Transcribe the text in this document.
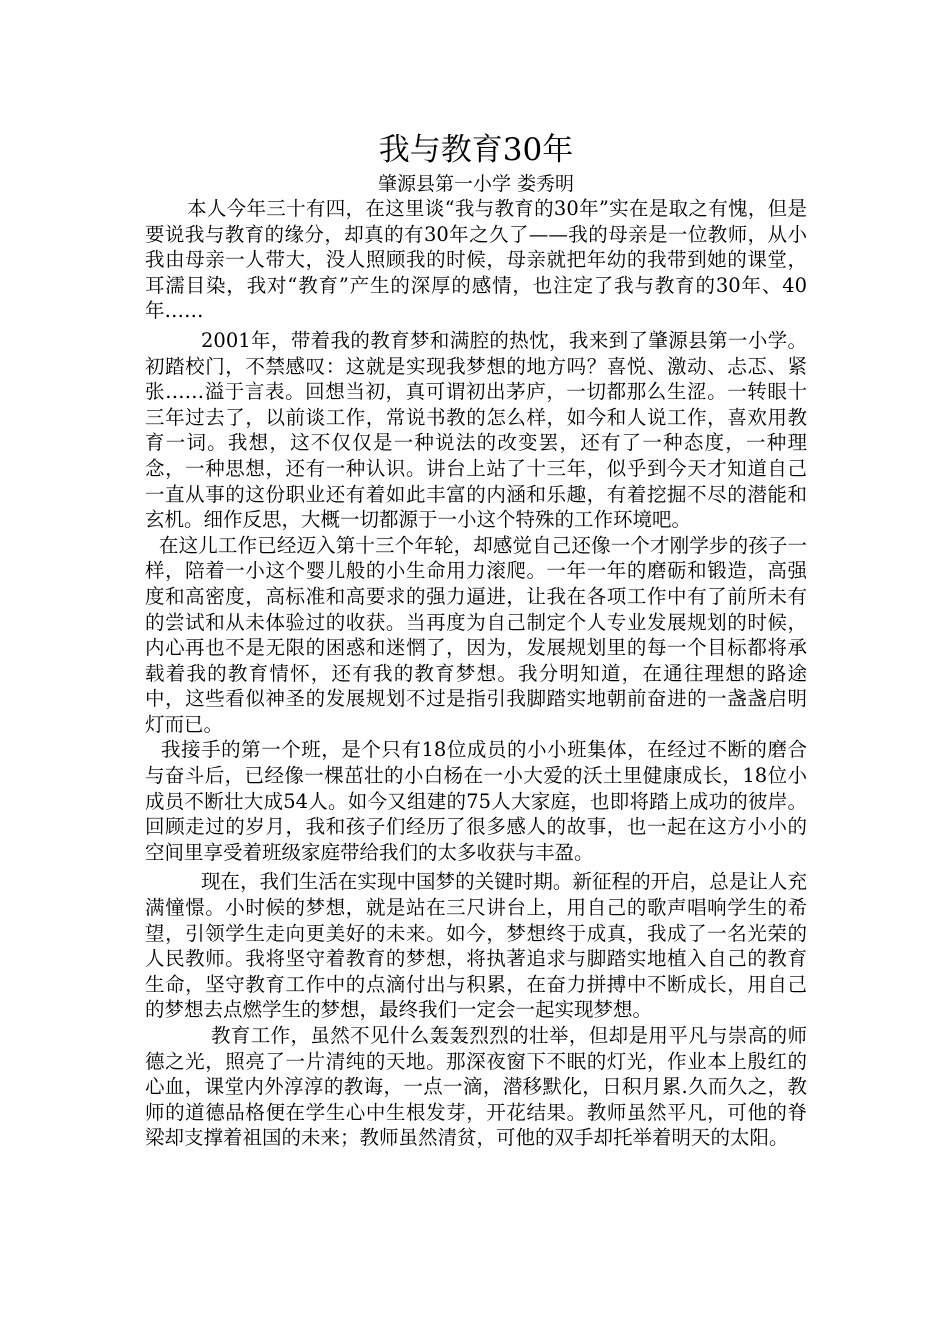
我与教育30年

肇源县第一小学 娄秀明

本人今年三十有四，在这里谈“我与教育的30年”实在是取之有愧，但是要说我与教育的缘分，却真的有30年之久了——我的母亲是一位教师，从小我由母亲一人带大，没人照顾我的时候，母亲就把年幼的我带到她的课堂，耳濡目染，我对“教育”产生的深厚的感情，也注定了我与教育的30年、40年……

2001年，带着我的教育梦和满腔的热忱，我来到了肇源县第一小学。初踏校门，不禁感叹：这就是实现我梦想的地方吗？喜悦、激动、忐忑、紧张……溢于言表。回想当初，真可谓初出茅庐，一切都那么生涩。一转眼十三年过去了，以前谈工作，常说书教的怎么样，如今和人说工作，喜欢用教育一词。我想，这不仅仅是一种说法的改变罢，还有了一种态度，一种理念，一种思想，还有一种认识。讲台上站了十三年，似乎到今天才知道自己一直从事的这份职业还有着如此丰富的内涵和乐趣，有着挖掘不尽的潜能和玄机。细作反思，大概一切都源于一小这个特殊的工作环境吧。

在这儿工作已经迈入第十三个年轮，却感觉自己还像一个才刚学步的孩子一样，陪着一小这个婴儿般的小生命用力滚爬。一年一年的磨砺和锻造，高强度和高密度，高标准和高要求的强力逼进，让我在各项工作中有了前所未有的尝试和从未体验过的收获。当再度为自己制定个人专业发展规划的时候，内心再也不是无限的困惑和迷惘了，因为，发展规划里的每一个目标都将承载着我的教育情怀，还有我的教育梦想。我分明知道，在通往理想的路途中，这些看似神圣的发展规划不过是指引我脚踏实地朝前奋进的一盏盏启明灯而已。

我接手的第一个班，是个只有18位成员的小小班集体，在经过不断的磨合与奋斗后，已经像一棵茁壮的小白杨在一小大爱的沃土里健康成长，18位小成员不断壮大成54人。如今又组建的75人大家庭，也即将踏上成功的彼岸。回顾走过的岁月，我和孩子们经历了很多感人的故事，也一起在这方小小的空间里享受着班级家庭带给我们的太多收获与丰盈。

现在，我们生活在实现中国梦的关键时期。新征程的开启，总是让人充满憧憬。小时候的梦想，就是站在三尺讲台上，用自己的歌声唱响学生的希望，引领学生走向更美好的未来。如今，梦想终于成真，我成了一名光荣的人民教师。我将坚守着教育的梦想，将执著追求与脚踏实地植入自己的教育生命，坚守教育工作中的点滴付出与积累，在奋力拼搏中不断成长，用自己的梦想去点燃学生的梦想，最终我们一定会一起实现梦想。

教育工作，虽然不见什么轰轰烈烈的壮举，但却是用平凡与崇高的师德之光，照亮了一片清纯的天地。那深夜窗下不眠的灯光，作业本上殷红的心血，课堂内外淳淳的教诲，一点一滴，潜移默化，日积月累.久而久之，教师的道德品格便在学生心中生根发芽，开花结果。教师虽然平凡，可他的脊梁却支撑着祖国的未来；教师虽然清贫，可他的双手却托举着明天的太阳。
